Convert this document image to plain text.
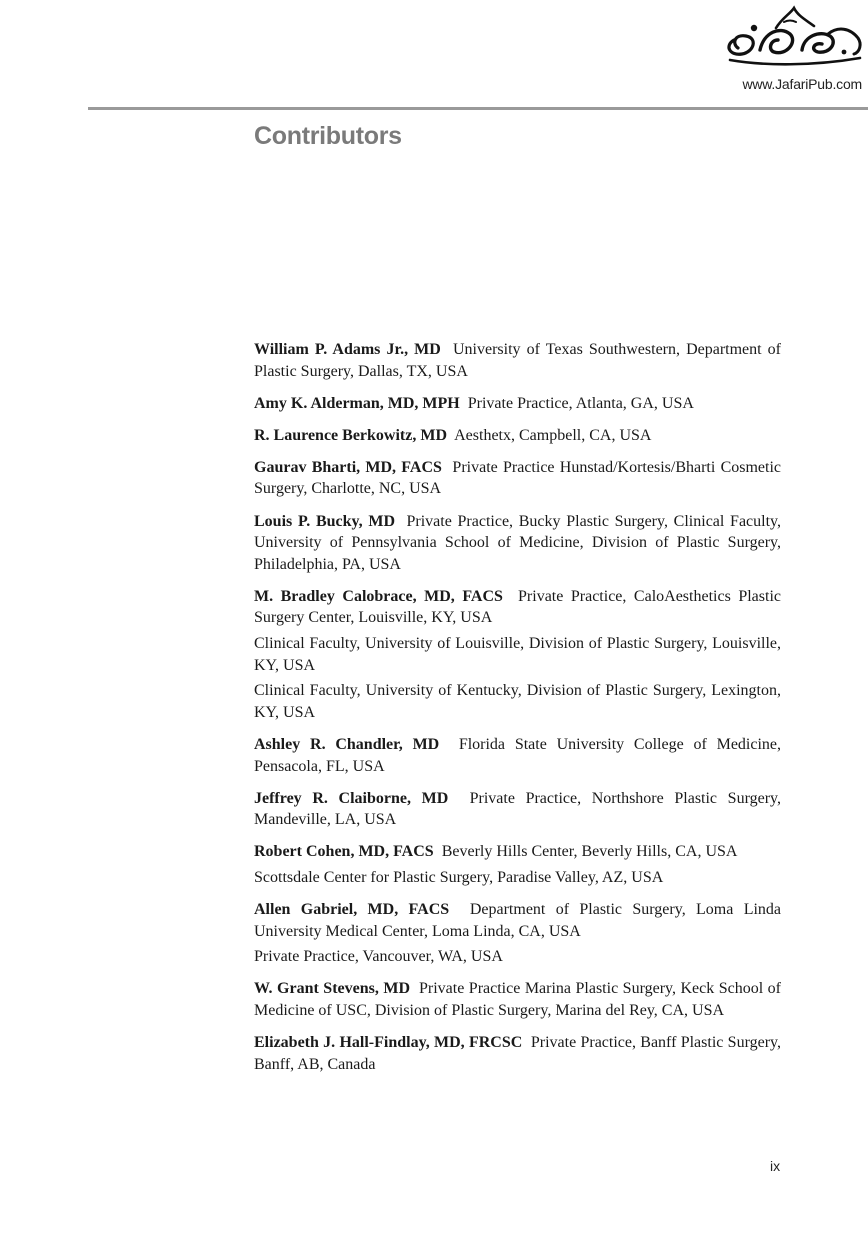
www.JafariPub.com
Contributors

William P. Adams Jr., MD University of Texas Southwestern, Department of Plastic Surgery, Dallas, TX, USA

Amy K. Alderman, MD, MPH Private Practice, Atlanta, GA, USA

R. Laurence Berkowitz, MD Aesthetx, Campbell, CA, USA

Gaurav Bharti, MD, FACS Private Practice Hunstad/Kortesis/Bharti Cosmetic Surgery, Charlotte, NC, USA

Louis P. Bucky, MD Private Practice, Bucky Plastic Surgery, Clinical Faculty, University of Pennsylvania School of Medicine, Division of Plastic Surgery, Philadelphia, PA, USA

M. Bradley Calobrace, MD, FACS Private Practice, CaloAesthetics Plastic Surgery Center, Louisville, KY, USA

Clinical Faculty, University of Louisville, Division of Plastic Surgery, Louisville, KY, USA

Clinical Faculty, University of Kentucky, Division of Plastic Surgery, Lexington, KY, USA

Ashley R. Chandler, MD Florida State University College of Medicine, Pensacola, FL, USA

Jeffrey R. Claiborne, MD Private Practice, Northshore Plastic Surgery, Mandeville, LA, USA

Robert Cohen, MD, FACS Beverly Hills Center, Beverly Hills, CA, USA

Scottsdale Center for Plastic Surgery, Paradise Valley, AZ, USA

Allen Gabriel, MD, FACS Department of Plastic Surgery, Loma Linda University Medical Center, Loma Linda, CA, USA

Private Practice, Vancouver, WA, USA

W. Grant Stevens, MD Private Practice Marina Plastic Surgery, Keck School of Medicine of USC, Division of Plastic Surgery, Marina del Rey, CA, USA

Elizabeth J. Hall-Findlay, MD, FRCSC Private Practice, Banff Plastic Surgery, Banff, AB, Canada

ix
